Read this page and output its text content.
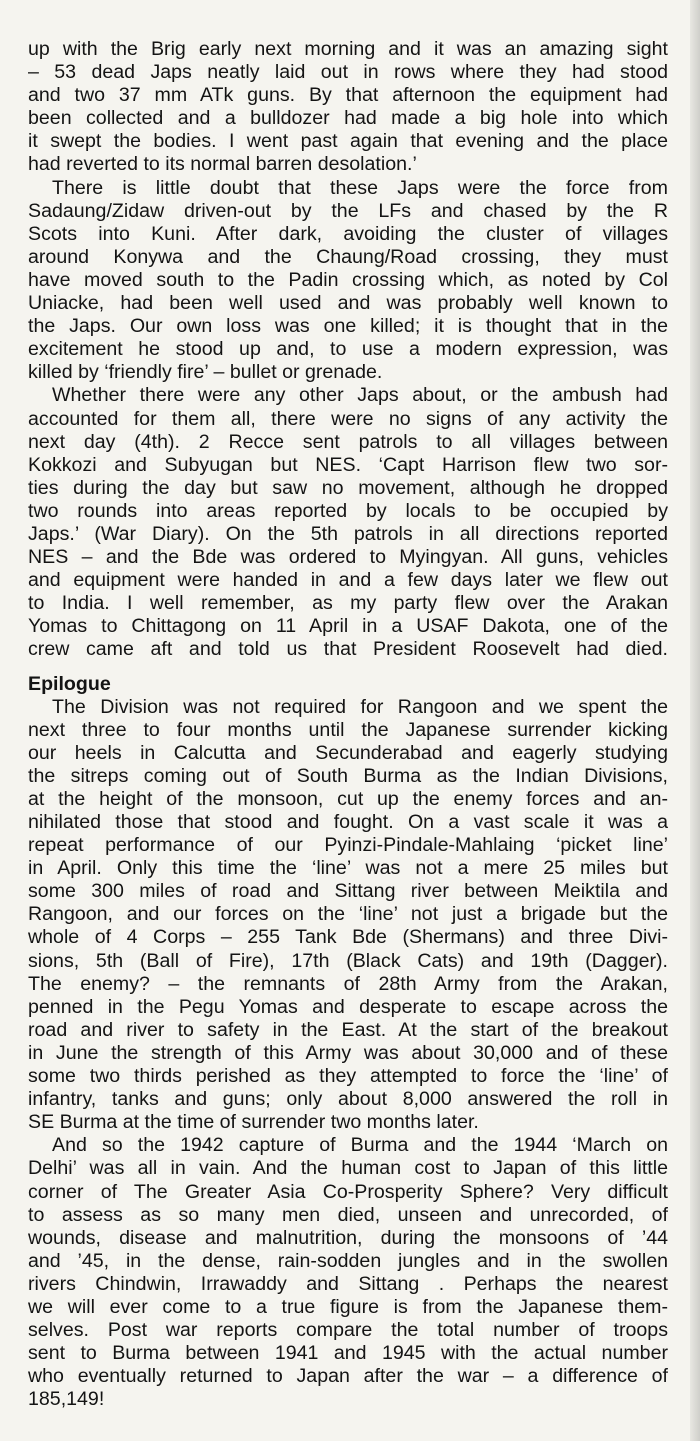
up with the Brig early next morning and it was an amazing sight
– 53 dead Japs neatly laid out in rows where they had stood
and two 37 mm ATk guns. By that afternoon the equipment had
been collected and a bulldozer had made a big hole into which
it swept the bodies. I went past again that evening and the place
had reverted to its normal barren desolation.’
There is little doubt that these Japs were the force from
Sadaung/Zidaw driven-out by the LFs and chased by the R
Scots into Kuni. After dark, avoiding the cluster of villages
around Konywa and the Chaung/Road crossing, they must
have moved south to the Padin crossing which, as noted by Col
Uniacke, had been well used and was probably well known to
the Japs. Our own loss was one killed; it is thought that in the
excitement he stood up and, to use a modern expression, was
killed by ‘friendly fire’ – bullet or grenade.
Whether there were any other Japs about, or the ambush had
accounted for them all, there were no signs of any activity the
next day (4th). 2 Recce sent patrols to all villages between
Kokkozi and Subyugan but NES. ‘Capt Harrison flew two sor-
ties during the day but saw no movement, although he dropped
two rounds into areas reported by locals to be occupied by
Japs.’ (War Diary). On the 5th patrols in all directions reported
NES – and the Bde was ordered to Myingyan. All guns, vehicles
and equipment were handed in and a few days later we flew out
to India. I well remember, as my party flew over the Arakan
Yomas to Chittagong on 11 April in a USAF Dakota, one of the
crew came aft and told us that President Roosevelt had died.
Epilogue
The Division was not required for Rangoon and we spent the
next three to four months until the Japanese surrender kicking
our heels in Calcutta and Secunderabad and eagerly studying
the sitreps coming out of South Burma as the Indian Divisions,
at the height of the monsoon, cut up the enemy forces and an-
nihilated those that stood and fought. On a vast scale it was a
repeat performance of our Pyinzi-Pindale-Mahlaing ‘picket line’
in April. Only this time the ‘line’ was not a mere 25 miles but
some 300 miles of road and Sittang river between Meiktila and
Rangoon, and our forces on the ‘line’ not just a brigade but the
whole of 4 Corps – 255 Tank Bde (Shermans) and three Divi-
sions, 5th (Ball of Fire), 17th (Black Cats) and 19th (Dagger).
The enemy? – the remnants of 28th Army from the Arakan,
penned in the Pegu Yomas and desperate to escape across the
road and river to safety in the East. At the start of the breakout
in June the strength of this Army was about 30,000 and of these
some two thirds perished as they attempted to force the ‘line’ of
infantry, tanks and guns; only about 8,000 answered the roll in
SE Burma at the time of surrender two months later.
And so the 1942 capture of Burma and the 1944 ‘March on
Delhi’ was all in vain. And the human cost to Japan of this little
corner of The Greater Asia Co-Prosperity Sphere? Very difficult
to assess as so many men died, unseen and unrecorded, of
wounds, disease and malnutrition, during the monsoons of ’44
and ’45, in the dense, rain-sodden jungles and in the swollen
rivers Chindwin, Irrawaddy and Sittang . Perhaps the nearest
we will ever come to a true figure is from the Japanese them-
selves. Post war reports compare the total number of troops
sent to Burma between 1941 and 1945 with the actual number
who eventually returned to Japan after the war – a difference of
185,149!
